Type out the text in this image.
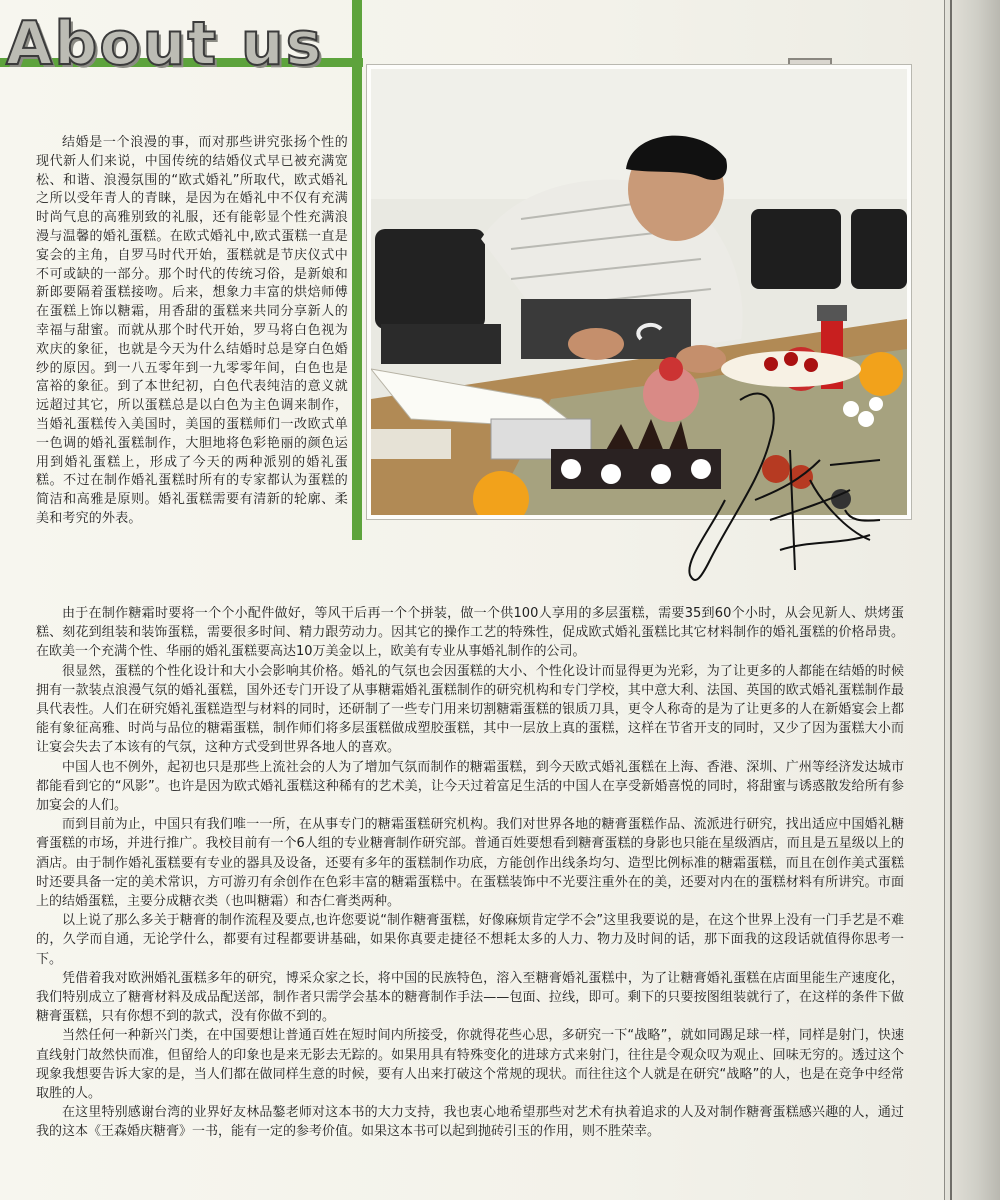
About us

结婚是一个浪漫的事，而对那些讲究张扬个性的现代新人们来说，中国传统的结婚仪式早已被充满宽松、和谐、浪漫氛围的“欧式婚礼”所取代，欧式婚礼之所以受年青人的青睐，是因为在婚礼中不仅有充满时尚气息的高雅别致的礼服，还有能彰显个性充满浪漫与温馨的婚礼蛋糕。在欧式婚礼中,欧式蛋糕一直是宴会的主角，自罗马时代开始，蛋糕就是节庆仪式中不可或缺的一部分。那个时代的传统习俗，是新娘和新郎要隔着蛋糕接吻。后来，想象力丰富的烘焙师傅在蛋糕上饰以糖霜，用香甜的蛋糕来共同分享新人的幸福与甜蜜。而就从那个时代开始，罗马将白色视为欢庆的象征，也就是今天为什么结婚时总是穿白色婚纱的原因。到一八五零年到一九零零年间，白色也是富裕的象征。到了本世纪初，白色代表纯洁的意义就远超过其它，所以蛋糕总是以白色为主色调来制作，当婚礼蛋糕传入美国时，美国的蛋糕师们一改欧式单一色调的婚礼蛋糕制作，大胆地将色彩艳丽的颜色运用到婚礼蛋糕上，形成了今天的两种派别的婚礼蛋糕。不过在制作婚礼蛋糕时所有的专家都认为蛋糕的简洁和高雅是原则。婚礼蛋糕需要有清新的轮廓、柔美和考究的外表。

由于在制作糖霜时要将一个个小配件做好，等风干后再一个个拼装，做一个供100人享用的多层蛋糕，需要35到60个小时，从会见新人、烘烤蛋糕、刻花到组装和装饰蛋糕，需要很多时间、精力跟劳动力。因其它的操作工艺的特殊性，促成欧式婚礼蛋糕比其它材料制作的婚礼蛋糕的价格昂贵。在欧美一个充满个性、华丽的婚礼蛋糕要高达10万美金以上，欧美有专业从事婚礼制作的公司。

很显然，蛋糕的个性化设计和大小会影响其价格。婚礼的气氛也会因蛋糕的大小、个性化设计而显得更为光彩，为了让更多的人都能在结婚的时候拥有一款装点浪漫气氛的婚礼蛋糕，国外还专门开设了从事糖霜婚礼蛋糕制作的研究机构和专门学校，其中意大利、法国、英国的欧式婚礼蛋糕制作最具代表性。人们在研究婚礼蛋糕造型与材料的同时，还研制了一些专门用来切割糖霜蛋糕的银质刀具，更令人称奇的是为了让更多的人在新婚宴会上都能有象征高雅、时尚与品位的糖霜蛋糕，制作师们将多层蛋糕做成塑胶蛋糕，其中一层放上真的蛋糕，这样在节省开支的同时，又少了因为蛋糕大小而让宴会失去了本该有的气氛，这种方式受到世界各地人的喜欢。

中国人也不例外，起初也只是那些上流社会的人为了增加气氛而制作的糖霜蛋糕，到今天欧式婚礼蛋糕在上海、香港、深圳、广州等经济发达城市都能看到它的“风影”。也许是因为欧式婚礼蛋糕这种稀有的艺术美，让今天过着富足生活的中国人在享受新婚喜悦的同时，将甜蜜与诱惑散发给所有参加宴会的人们。

而到目前为止，中国只有我们唯一一所，在从事专门的糖霜蛋糕研究机构。我们对世界各地的糖膏蛋糕作品、流派进行研究，找出适应中国婚礼糖膏蛋糕的市场，并进行推广。我校目前有一个6人组的专业糖膏制作研究部。普通百姓要想看到糖膏蛋糕的身影也只能在星级酒店，而且是五星级以上的酒店。由于制作婚礼蛋糕要有专业的器具及设备，还要有多年的蛋糕制作功底，方能创作出线条均匀、造型比例标准的糖霜蛋糕，而且在创作美式蛋糕时还要具备一定的美术常识，方可游刃有余创作在色彩丰富的糖霜蛋糕中。在蛋糕装饰中不光要注重外在的美，还要对内在的蛋糕材料有所讲究。市面上的结婚蛋糕，主要分成糖衣类（也叫糖霜）和杏仁膏类两种。

以上说了那么多关于糖膏的制作流程及要点,也许您要说“制作糖膏蛋糕，好像麻烦肯定学不会”这里我要说的是，在这个世界上没有一门手艺是不难的，久学而自通，无论学什么，都要有过程都要讲基础，如果你真要走捷径不想耗太多的人力、物力及时间的话，那下面我的这段话就值得你思考一下。

凭借着我对欧洲婚礼蛋糕多年的研究，博采众家之长，将中国的民族特色，溶入至糖膏婚礼蛋糕中，为了让糖膏婚礼蛋糕在店面里能生产速度化，我们特别成立了糖膏材料及成品配送部，制作者只需学会基本的糖膏制作手法——包面、拉线，即可。剩下的只要按图组装就行了，在这样的条件下做糖膏蛋糕，只有你想不到的款式，没有你做不到的。

当然任何一种新兴门类，在中国要想让普通百姓在短时间内所接受，你就得花些心思，多研究一下“战略”，就如同踢足球一样，同样是射门，快速直线射门故然快而准，但留给人的印象也是来无影去无踪的。如果用具有特殊变化的进球方式来射门，往往是令观众叹为观止、回味无穷的。透过这个现象我想要告诉大家的是，当人们都在做同样生意的时候，要有人出来打破这个常规的现状。而往往这个人就是在研究“战略”的人，也是在竞争中经常取胜的人。

在这里特别感谢台湾的业界好友林品鏊老师对这本书的大力支持，我也衷心地希望那些对艺术有执着追求的人及对制作糖膏蛋糕感兴趣的人，通过我的这本《王森婚庆糖膏》一书，能有一定的参考价值。如果这本书可以起到抛砖引玉的作用，则不胜荣幸。
